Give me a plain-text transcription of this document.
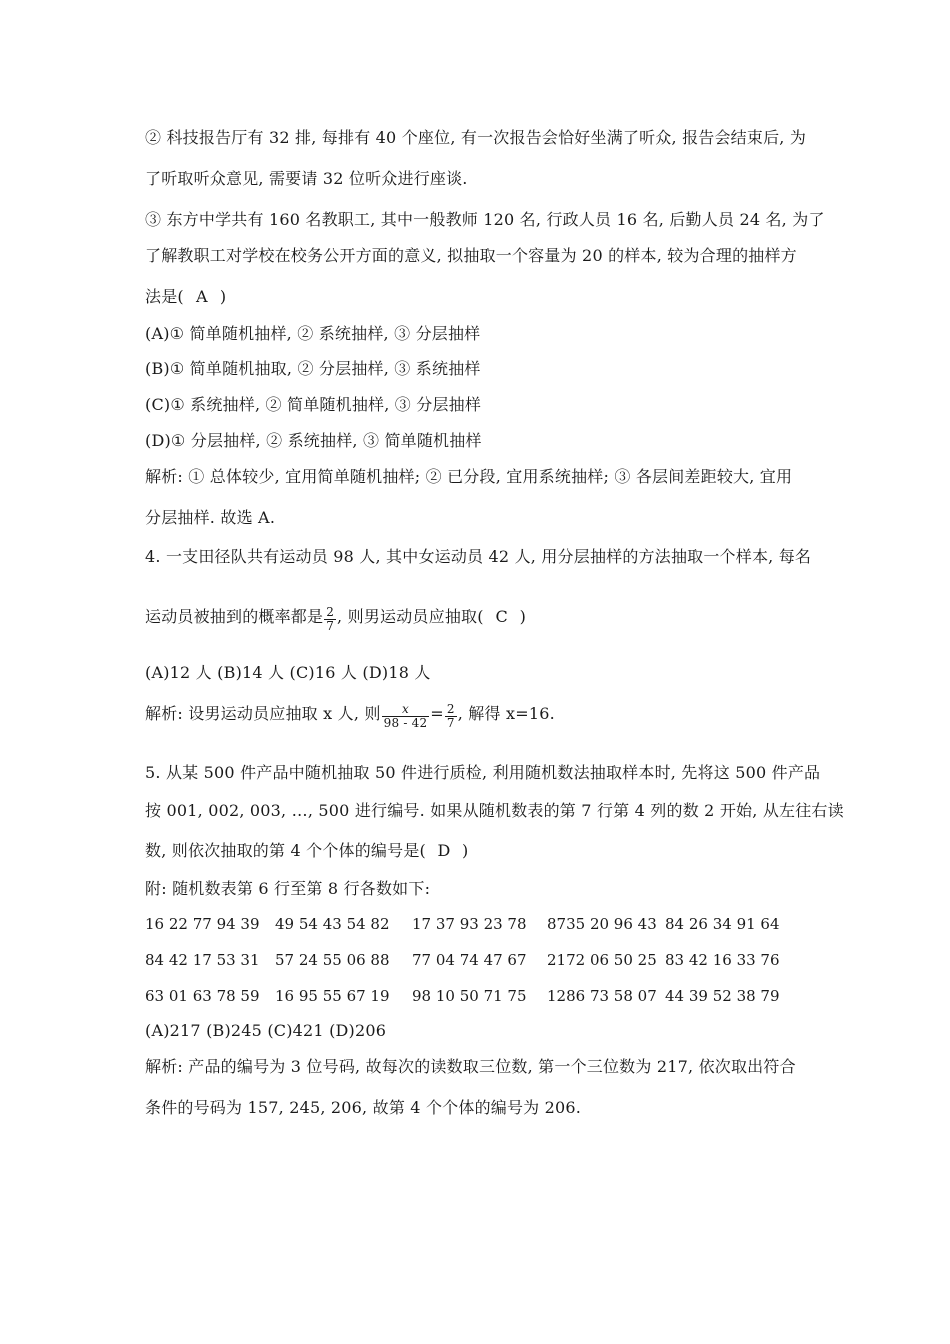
② 科技报告厅有 32 排, 每排有 40 个座位, 有一次报告会恰好坐满了听众, 报告会结束后, 为
了听取听众意见, 需要请 32 位听众进行座谈.
③ 东方中学共有 160 名教职工, 其中一般教师 120 名, 行政人员 16 名, 后勤人员 24 名, 为了
了解教职工对学校在校务公开方面的意义, 拟抽取一个容量为 20 的样本, 较为合理的抽样方
法是( A )
(A)① 简单随机抽样, ② 系统抽样, ③ 分层抽样
(B)① 简单随机抽取, ② 分层抽样, ③ 系统抽样
(C)① 系统抽样, ② 简单随机抽样, ③ 分层抽样
(D)① 分层抽样, ② 系统抽样, ③ 简单随机抽样
解析: ① 总体较少, 宜用简单随机抽样; ② 已分段, 宜用系统抽样; ③ 各层间差距较大, 宜用
分层抽样. 故选 A.
4. 一支田径队共有运动员 98 人, 其中女运动员 42 人, 用分层抽样的方法抽取一个样本, 每名
运动员被抽到的概率都是 $\frac{2}{7}$ , 则男运动员应抽取( C )
(A)12 人 (B)14 人 (C)16 人 (D)18 人
解析: 设男运动员应抽取 x 人, 则 $\frac{x}{98 - 42} = \frac{2}{7}$ , 解得 x=16.
5. 从某 500 件产品中随机抽取 50 件进行质检, 利用随机数法抽取样本时, 先将这 500 件产品
按 001, 002, 003, …, 500 进行编号. 如果从随机数表的第 7 行第 4 列的数 2 开始, 从左往右读
数, 则依次抽取的第 4 个个体的编号是( D )
附: 随机数表第 6 行至第 8 行各数如下:
16 22 77 94 39 49 54 43 54 82 17 37 93 23 78 8735 20 96 43 84 26 34 91 64
84 42 17 53 31 57 24 55 06 88 77 04 74 47 67 2172 06 50 25 83 42 16 33 76
63 01 63 78 59 16 95 55 67 19 98 10 50 71 75 1286 73 58 07 44 39 52 38 79
(A)217 (B)245 (C)421 (D)206
解析: 产品的编号为 3 位号码, 故每次的读数取三位数, 第一个三位数为 217, 依次取出符合
条件的号码为 157, 245, 206, 故第 4 个个体的编号为 206.
